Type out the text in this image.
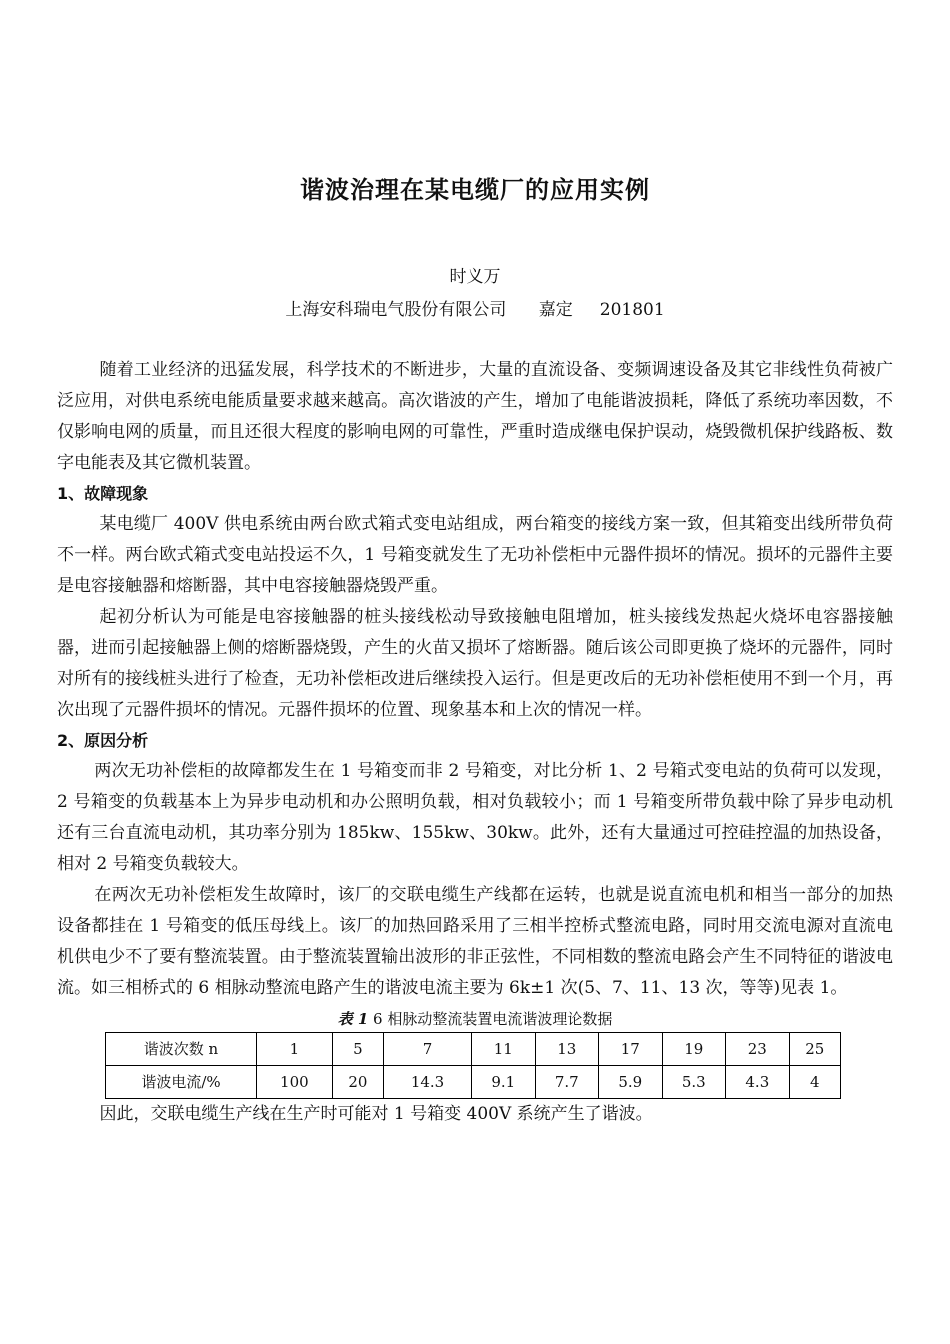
谐波治理在某电缆厂的应用实例
时义万
上海安科瑞电气股份有限公司      嘉定     201801

随着工业经济的迅猛发展，科学技术的不断进步，大量的直流设备、变频调速设备及其它非线性负荷被广泛应用，对供电系统电能质量要求越来越高。高次谐波的产生，增加了电能谐波损耗，降低了系统功率因数，不仅影响电网的质量，而且还很大程度的影响电网的可靠性，严重时造成继电保护误动，烧毁微机保护线路板、数字电能表及其它微机装置。

1、故障现象

某电缆厂 400V 供电系统由两台欧式箱式变电站组成，两台箱变的接线方案一致，但其箱变出线所带负荷不一样。两台欧式箱式变电站投运不久，1 号箱变就发生了无功补偿柜中元器件损坏的情况。损坏的元器件主要是电容接触器和熔断器，其中电容接触器烧毁严重。

起初分析认为可能是电容接触器的桩头接线松动导致接触电阻增加，桩头接线发热起火烧坏电容器接触器，进而引起接触器上侧的熔断器烧毁，产生的火苗又损坏了熔断器。随后该公司即更换了烧坏的元器件，同时对所有的接线桩头进行了检查，无功补偿柜改进后继续投入运行。但是更改后的无功补偿柜使用不到一个月，再次出现了元器件损坏的情况。元器件损坏的位置、现象基本和上次的情况一样。

2、原因分析

两次无功补偿柜的故障都发生在 1 号箱变而非 2 号箱变，对比分析 1、2 号箱式变电站的负荷可以发现，2 号箱变的负载基本上为异步电动机和办公照明负载，相对负载较小；而 1 号箱变所带负载中除了异步电动机还有三台直流电动机，其功率分别为 185kw、155kw、30kw。此外，还有大量通过可控硅控温的加热设备，相对 2 号箱变负载较大。

在两次无功补偿柜发生故障时，该厂的交联电缆生产线都在运转，也就是说直流电机和相当一部分的加热设备都挂在 1 号箱变的低压母线上。该厂的加热回路采用了三相半控桥式整流电路，同时用交流电源对直流电机供电少不了要有整流装置。由于整流装置输出波形的非正弦性，不同相数的整流电路会产生不同特征的谐波电流。如三相桥式的 6 相脉动整流电路产生的谐波电流主要为 6k±1 次(5、7、11、13 次，等等)见表 1。

表 1 6 相脉动整流装置电流谐波理论数据
谐波次数 n	1	5	7	11	13	17	19	23	25
谐波电流/%	100	20	14.3	9.1	7.7	5.9	5.3	4.3	4

因此，交联电缆生产线在生产时可能对 1 号箱变 400V 系统产生了谐波。
